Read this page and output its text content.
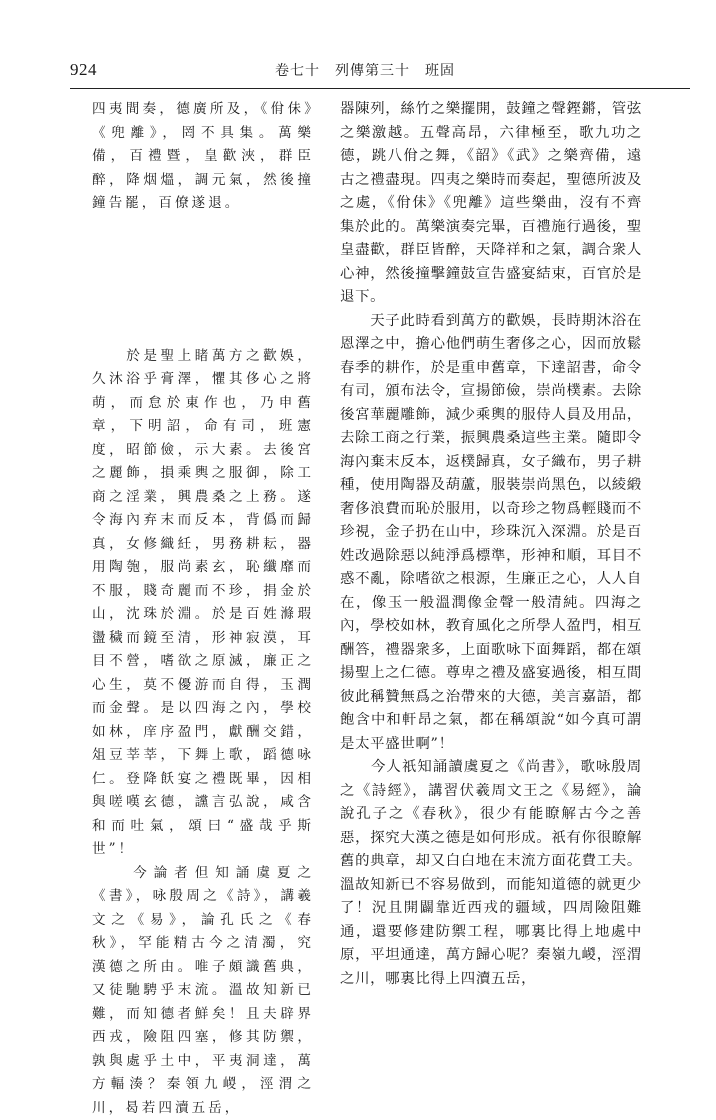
924	卷七十　列傳第三十　班固

四夷間奏，德廣所及，《佾佅》《兜離》，罔不具集。萬樂備，百禮暨，皇歡浹，群臣醉，降烟熅，調元氣，然後撞鐘告罷，百僚遂退。

　　於是聖上睹萬方之歡娛，久沐浴乎膏澤，懼其侈心之將萌，而怠於東作也，乃申舊章，下明詔，命有司，班憲度，昭節儉，示大素。去後宮之麗飾，損乘輿之服御，除工商之淫業，興農桑之上務。遂令海內弃末而反本，背僞而歸真，女修織紝，男務耕耘，器用陶匏，服尚素玄，恥纖靡而不服，賤奇麗而不珍，捐金於山，沈珠於淵。於是百姓滌瑕盪穢而鏡至清，形神寂漠，耳目不營，嗜欲之原滅，廉正之心生，莫不優游而自得，玉潤而金聲。是以四海之內，學校如林，庠序盈門，獻酬交錯，俎豆莘莘，下舞上歌，蹈德咏仁。登降飫宴之禮既畢，因相與嗟嘆玄德，讜言弘說，咸含和而吐氣，頌曰“盛哉乎斯世”！

　　今論者但知誦虞夏之《書》，咏殷周之《詩》，講羲文之《易》，論孔氏之《春秋》，罕能精古今之清濁，究漢德之所由。唯子頗識舊典，又徒馳騁乎末流。溫故知新已難，而知德者鮮矣！且夫辟界西戎，險阻四塞，修其防禦，孰與處乎土中，平夷洞達，萬方輻湊？秦領九嵕，涇渭之川，曷若四瀆五岳，

器陳列，絲竹之樂擺開，鼓鐘之聲鏗鏘，管弦之樂激越。五聲高昂，六律極至，歌九功之德，跳八佾之舞，《韶》《武》之樂齊備，遠古之禮盡現。四夷之樂時而奏起，聖德所波及之處，《佾佅》《兜離》這些樂曲，沒有不齊集於此的。萬樂演奏完畢，百禮施行過後，聖皇盡歡，群臣皆醉，天降祥和之氣，調合衆人心神，然後撞擊鐘鼓宣告盛宴結束，百官於是退下。

　　天子此時看到萬方的歡娛，長時期沐浴在恩澤之中，擔心他們萌生奢侈之心，因而放鬆春季的耕作，於是重申舊章，下達詔書，命令有司，頒布法令，宣揚節儉，崇尚樸素。去除後宮華麗雕飾，減少乘輿的服侍人員及用品，去除工商之行業，振興農桑這些主業。隨即令海內棄末反本，返樸歸真，女子織布，男子耕種，使用陶器及葫蘆，服裝崇尚黑色，以綾緞奢侈浪費而恥於服用，以奇珍之物爲輕賤而不珍視，金子扔在山中，珍珠沉入深淵。於是百姓改過除惡以純淨爲標準，形神和順，耳目不惑不亂，除嗜欲之根源，生廉正之心，人人自在，像玉一般溫潤像金聲一般清純。四海之內，學校如林，教育風化之所學人盈門，相互酬答，禮器衆多，上面歌咏下面舞蹈，都在頌揚聖上之仁德。尊卑之禮及盛宴過後，相互間彼此稱贊無爲之治帶來的大德，美言嘉語，都飽含中和軒昂之氣，都在稱頌說“如今真可謂是太平盛世啊”！

　　今人祇知誦讀虞夏之《尚書》，歌咏殷周之《詩經》，講習伏羲周文王之《易經》，論說孔子之《春秋》，很少有能瞭解古今之善惡，探究大漢之德是如何形成。祇有你很瞭解舊的典章，却又白白地在末流方面花費工夫。溫故知新已不容易做到，而能知道德的就更少了！況且開闢靠近西戎的疆域，四周險阻難通，還要修建防禦工程，哪裏比得上地處中原，平坦通達，萬方歸心呢？秦嶺九嵕，涇渭之川，哪裏比得上四瀆五岳，
